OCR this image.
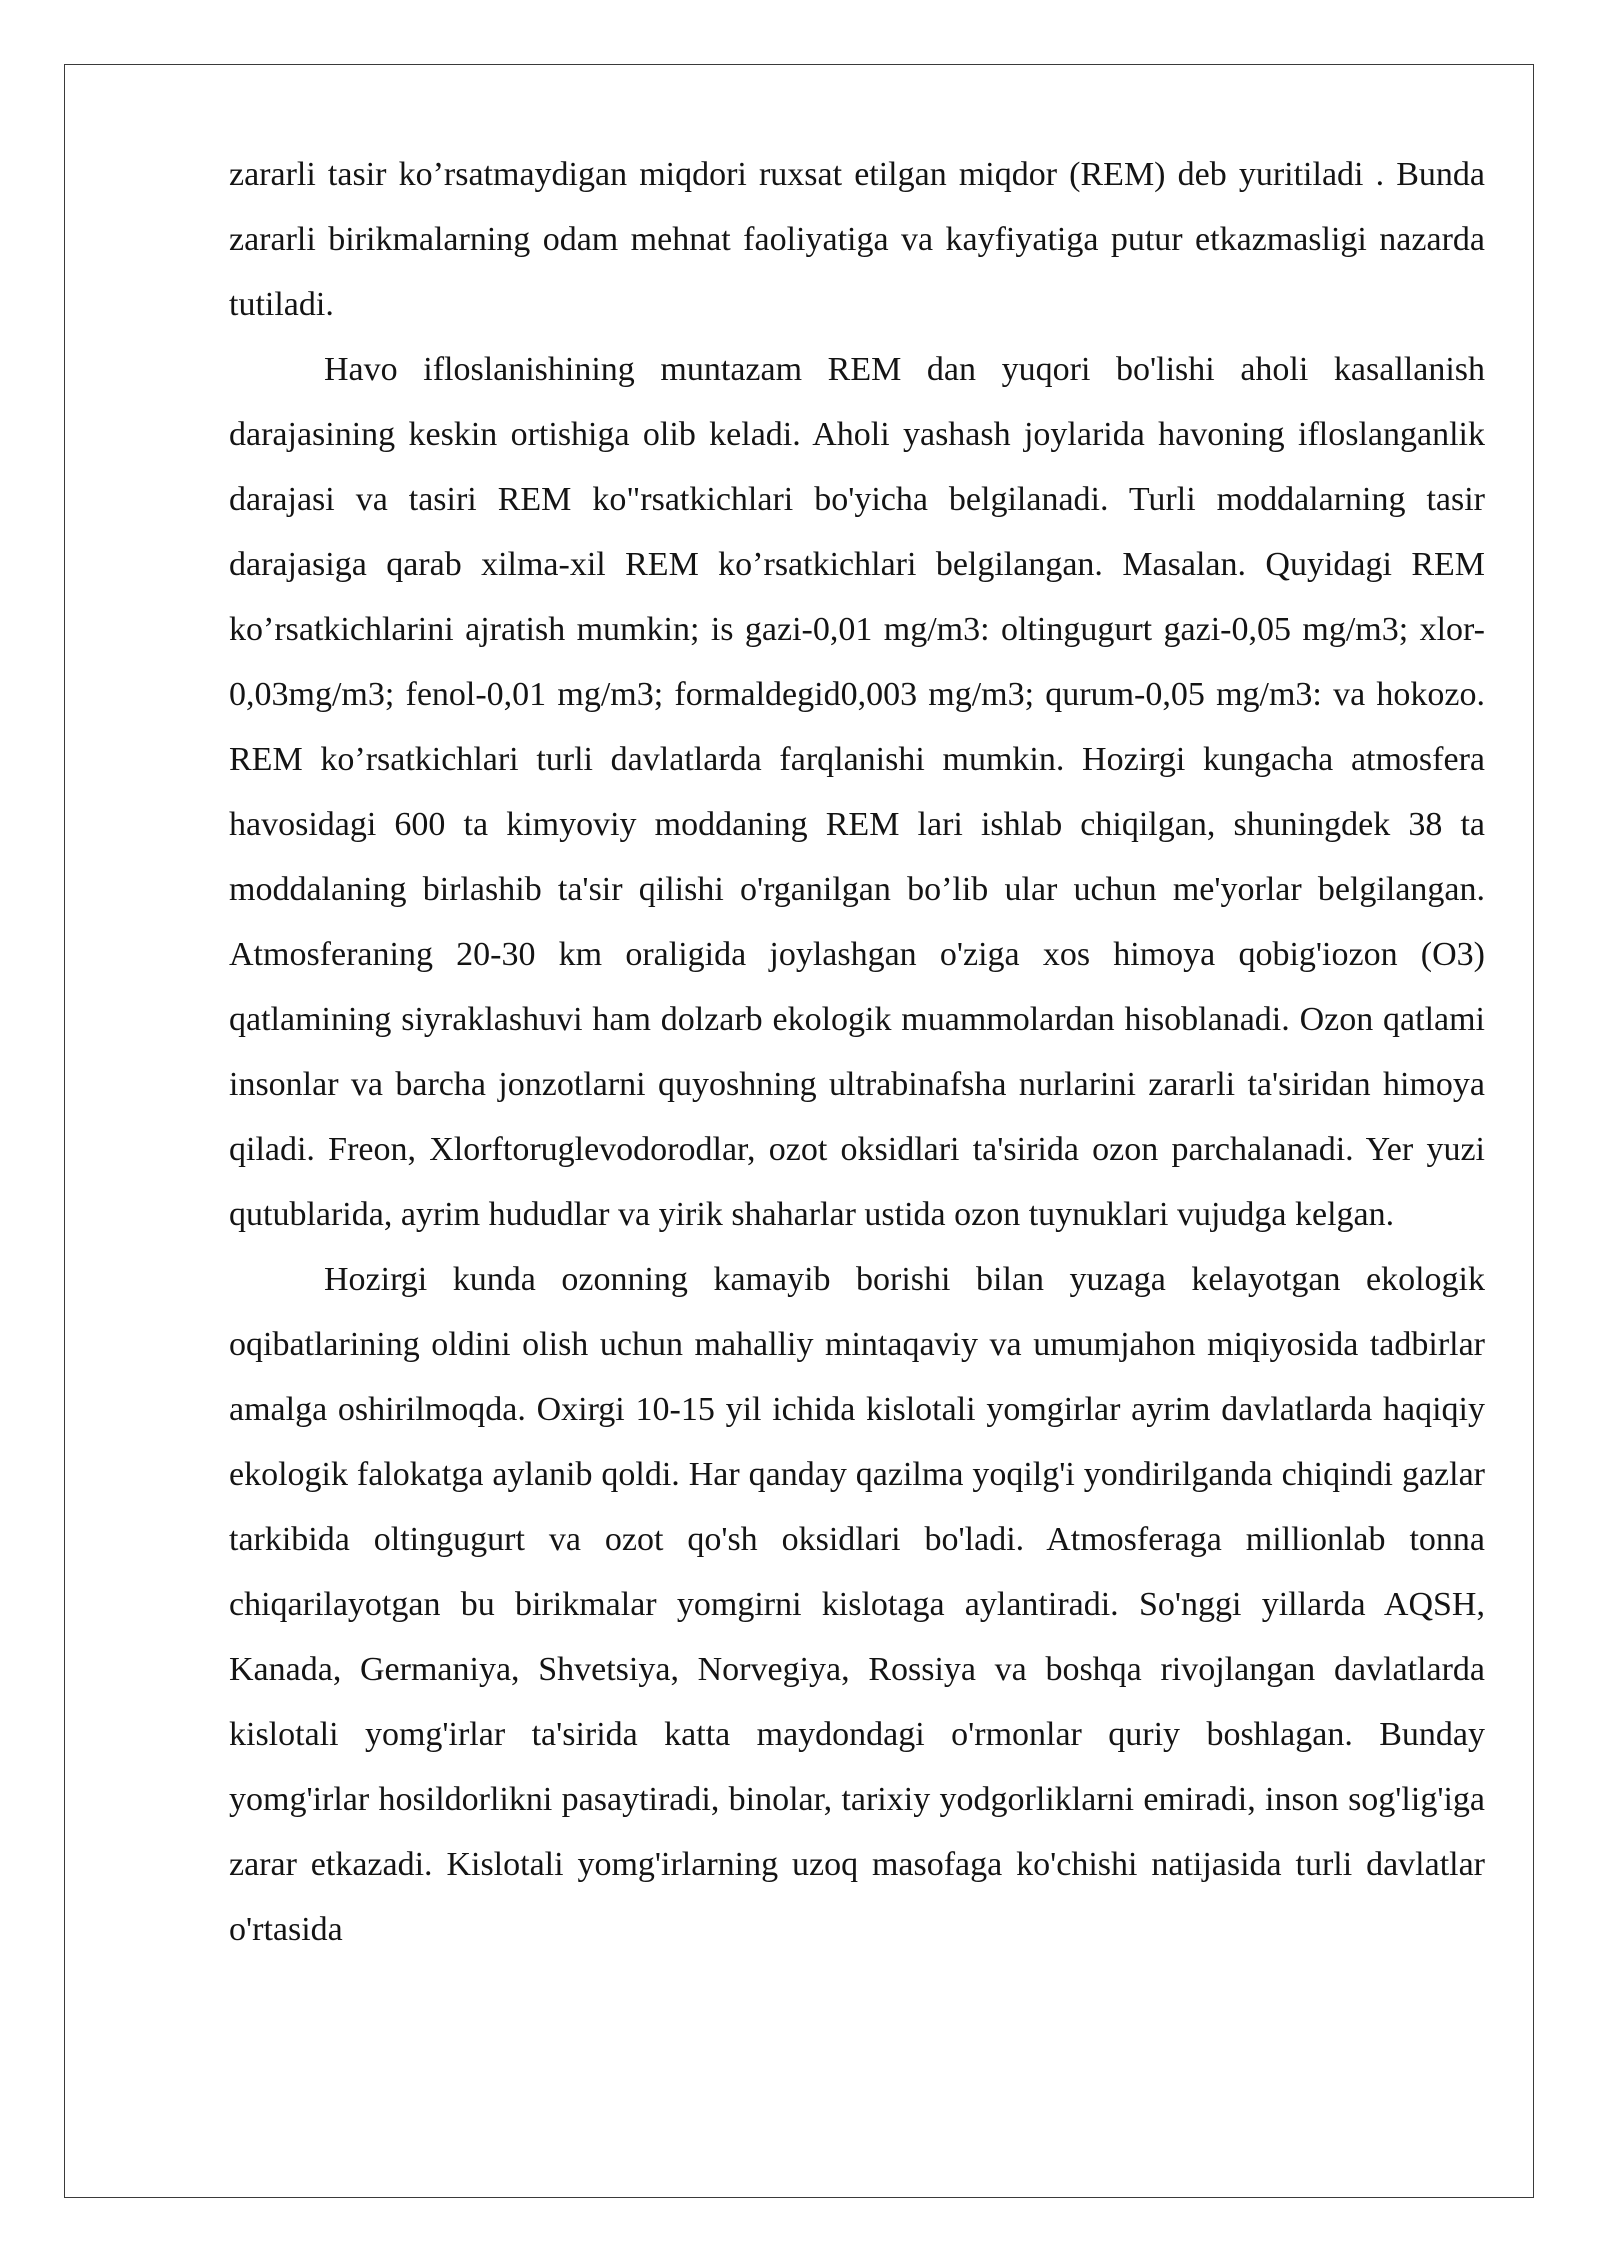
zararli tasir ko’rsatmaydigan miqdori ruxsat etilgan miqdor (REM) deb yuritiladi . Bunda zararli birikmalarning odam mehnat faoliyatiga va kayfiyatiga putur etkazmasligi nazarda tutiladi.

Havo ifloslanishining muntazam REM dan yuqori bo'lishi aholi kasallanish darajasining keskin ortishiga olib keladi. Aholi yashash joylarida havoning ifloslanganlik darajasi va tasiri REM ko"rsatkichlari bo'yicha belgilanadi. Turli moddalarning tasir darajasiga qarab xilma-xil REM ko’rsatkichlari belgilangan. Masalan. Quyidagi REM ko’rsatkichlarini ajratish mumkin; is gazi-0,01 mg/m3: oltingugurt gazi-0,05 mg/m3; xlor-0,03mg/m3; fenol-0,01 mg/m3; formaldegid0,003 mg/m3; qurum-0,05 mg/m3: va hokozo. REM ko’rsatkichlari turli davlatlarda farqlanishi mumkin. Hozirgi kungacha atmosfera havosidagi 600 ta kimyoviy moddaning REM lari ishlab chiqilgan, shuningdek 38 ta moddalaning birlashib ta'sir qilishi o'rganilgan bo’lib ular uchun me'yorlar belgilangan. Atmosferaning 20-30 km oraligida joylashgan o'ziga xos himoya qobig'iozon (O3) qatlamining siyraklashuvi ham dolzarb ekologik muammolardan hisoblanadi. Ozon qatlami insonlar va barcha jonzotlarni quyoshning ultrabinafsha nurlarini zararli ta'siridan himoya qiladi. Freon, Xlorftoruglevodorodlar, ozot oksidlari ta'sirida ozon parchalanadi. Yer yuzi qutublarida, ayrim hududlar va yirik shaharlar ustida ozon tuynuklari vujudga kelgan.

Hozirgi kunda ozonning kamayib borishi bilan yuzaga kelayotgan ekologik oqibatlarining oldini olish uchun mahalliy mintaqaviy va umumjahon miqiyosida tadbirlar amalga oshirilmoqda. Oxirgi 10-15 yil ichida kislotali yomgirlar ayrim davlatlarda haqiqiy ekologik falokatga aylanib qoldi. Har qanday qazilma yoqilg'i yondirilganda chiqindi gazlar tarkibida oltingugurt va ozot qo'sh oksidlari bo'ladi. Atmosferaga millionlab tonna chiqarilayotgan bu birikmalar yomgirni kislotaga aylantiradi. So'nggi yillarda AQSH, Kanada, Germaniya, Shvetsiya, Norvegiya, Rossiya va boshqa rivojlangan davlatlarda kislotali yomg'irlar ta'sirida katta maydondagi o'rmonlar quriy boshlagan. Bunday yomg'irlar hosildorlikni pasaytiradi, binolar, tarixiy yodgorliklarni emiradi, inson sog'lig'iga zarar etkazadi. Kislotali yomg'irlarning uzoq masofaga ko'chishi natijasida turli davlatlar o'rtasida
